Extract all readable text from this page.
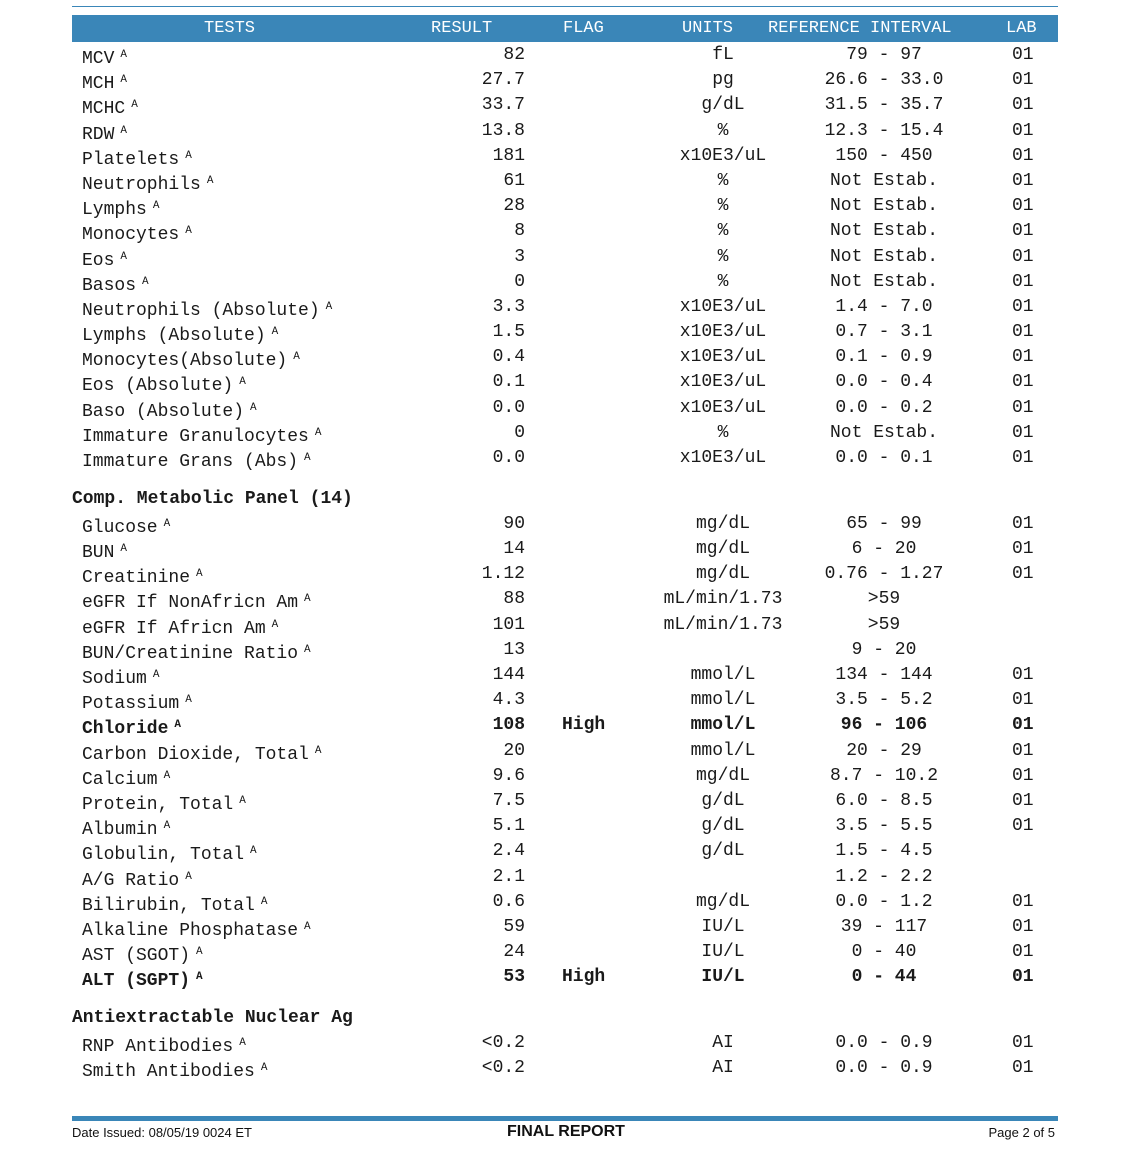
TESTS	RESULT	FLAG	UNITS REFERENCE INTERVAL	LAB
MCV $^A$	82	fL	79 - 97	01
MCH $^A$	27.7	pg	26.6 - 33.0	01
MCHC $^A$	33.7	g/dL	31.5 - 35.7	01
RDW $^A$	13.8	%	12.3 - 15.4	01
Platelets $^A$	181	x10E3/uL	150 - 450	01
Neutrophils $^A$	61	%	Not Estab.	01
Lymphs $^A$	28	%	Not Estab.	01
Monocytes $^A$	8	%	Not Estab.	01
Eos $^A$	3	%	Not Estab.	01
Basos $^A$	0	%	Not Estab.	01
Neutrophils (Absolute) $^A$	3.3	x10E3/uL	1.4 - 7.0	01
Lymphs (Absolute) $^A$	1.5	x10E3/uL	0.7 - 3.1	01
Monocytes(Absolute) $^A$	0.4	x10E3/uL	0.1 - 0.9	01
Eos (Absolute) $^A$	0.1	x10E3/uL	0.0 - 0.4	01
Baso (Absolute) $^A$	0.0	x10E3/uL	0.0 - 0.2	01
Immature Granulocytes $^A$	0	%	Not Estab.	01
Immature Grans (Abs) $^A$	0.0	x10E3/uL	0.0 - 0.1	01
Comp. Metabolic Panel (14)
Glucose $^A$	90	mg/dL	65 - 99	01
BUN $^A$	14	mg/dL	6 - 20	01
Creatinine $^A$	1.12	mg/dL	0.76 - 1.27	01
eGFR If NonAfricn Am $^A$	88	mL/min/1.73	>59
eGFR If Africn Am $^A$	101	mL/min/1.73	>59
BUN/Creatinine Ratio $^A$	13	9 - 20
Sodium $^A$	144	mmol/L	134 - 144	01
Potassium $^A$	4.3	mmol/L	3.5 - 5.2	01
Chloride $^A$	108 High	mmol/L	96 - 106	01
Carbon Dioxide, Total $^A$	20	mmol/L	20 - 29	01
Calcium $^A$	9.6	mg/dL	8.7 - 10.2	01
Protein, Total $^A$	7.5	g/dL	6.0 - 8.5	01
Albumin $^A$	5.1	g/dL	3.5 - 5.5	01
Globulin, Total $^A$	2.4	g/dL	1.5 - 4.5
A/G Ratio $^A$	2.1	1.2 - 2.2
Bilirubin, Total $^A$	0.6	mg/dL	0.0 - 1.2	01
Alkaline Phosphatase $^A$	59	IU/L	39 - 117	01
AST (SGOT) $^A$	24	IU/L	0 - 40	01
ALT (SGPT) $^A$	53 High	IU/L	0 - 44	01
Antiextractable Nuclear Ag
RNP Antibodies $^A$	<0.2	AI	0.0 - 0.9	01
Smith Antibodies $^A$	<0.2	AI	0.0 - 0.9	01
Date Issued: 08/05/19 0024 ET	FINAL REPORT	Page 2 of 5
